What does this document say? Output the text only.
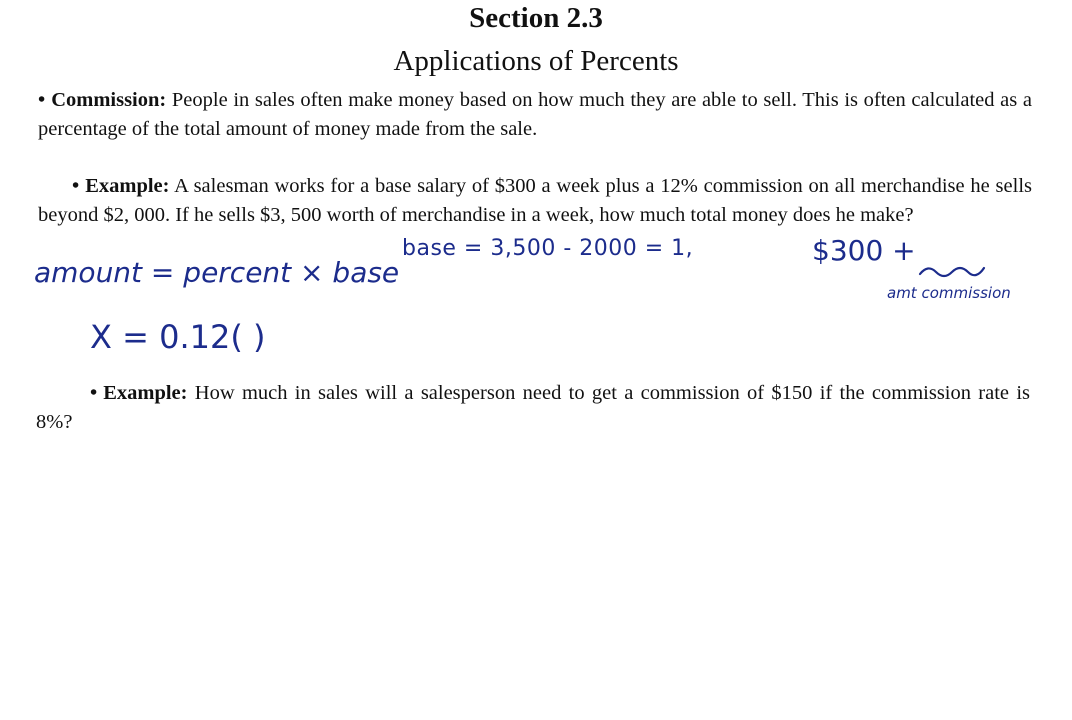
Section 2.3
Applications of Percents
• Commission: People in sales often make money based on how much they are able to sell. This is often calculated as a percentage of the total amount of money made from the sale.
• Example: A salesman works for a base salary of $300 a week plus a 12% commission on all merchandise he sells beyond $2, 000. If he sells $3, 500 worth of merchandise in a week, how much total money does he make?
• Example: How much in sales will a salesperson need to get a commission of $150 if the commission rate is 8%?
base = 3,500 - 2000 = 1,	$300 +
amount = percent × base
amt commission
X = 0.12( )
